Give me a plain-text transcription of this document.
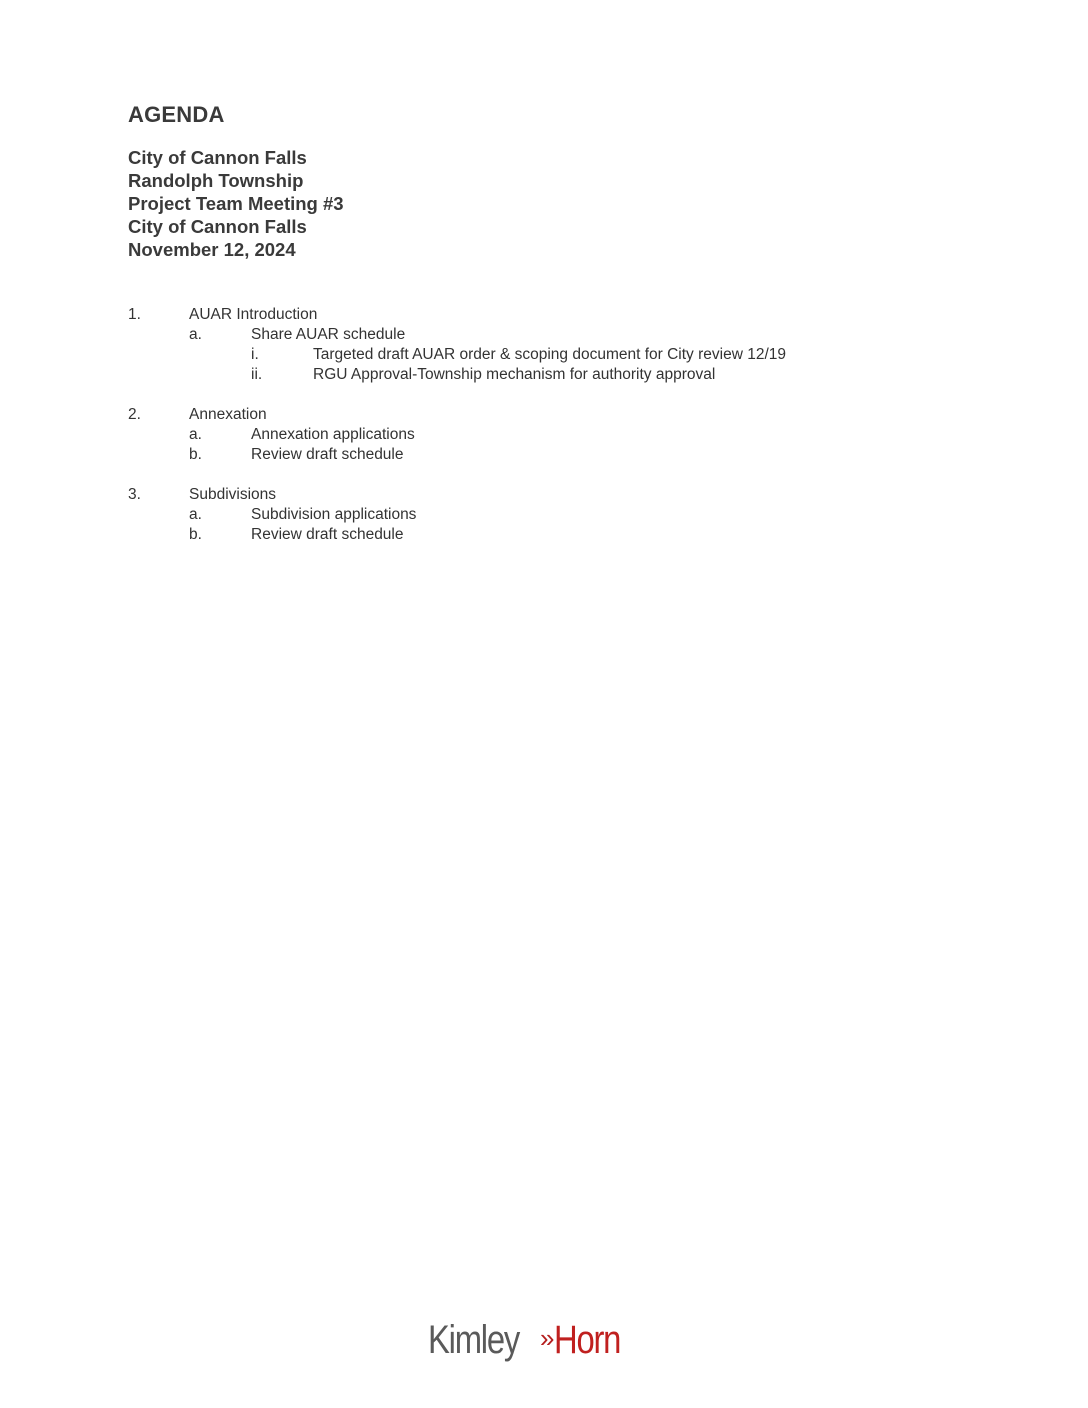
AGENDA
City of Cannon Falls
Randolph Township
Project Team Meeting #3
City of Cannon Falls
November 12, 2024
1.	AUAR Introduction
a.	Share AUAR schedule
i.	Targeted draft AUAR order & scoping document for City review 12/19
ii.	RGU Approval-Township mechanism for authority approval
2.	Annexation
a.	Annexation applications
b.	Review draft schedule
3.	Subdivisions
a.	Subdivision applications
b.	Review draft schedule
Kimley » Horn
